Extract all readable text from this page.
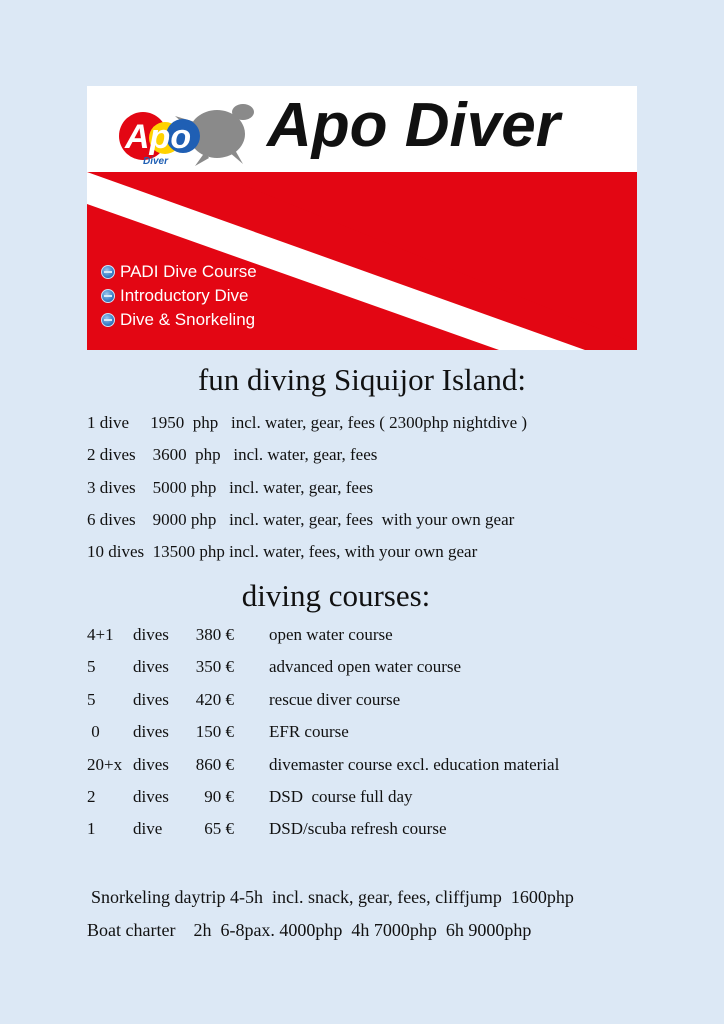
Apo
Diver
Apo Diver
PADI Dive Course
Introductory Dive
Dive & Snorkeling
fun diving Siquijor Island:
1 dive     1950  php   incl. water, gear, fees ( 2300php nightdive )
2 dives    3600  php   incl. water, gear, fees
3 dives    5000 php   incl. water, gear, fees
6 dives    9000 php   incl. water, gear, fees  with your own gear
10 dives  13500 php incl. water, fees, with your own gear
diving courses:
4+1 dives	380 € open water course
5 dives	350 € advanced open water course
5 dives	420 € rescue diver course
0 dives	150 € EFR course
20+x dives	860 € divemaster course excl. education material
2 dives	90 € DSD  course full day
1 dive	65 € DSD/scuba refresh course
Snorkeling daytrip 4-5h  incl. snack, gear, fees, cliffjump  1600php
Boat charter    2h  6-8pax. 4000php  4h 7000php  6h 9000php
